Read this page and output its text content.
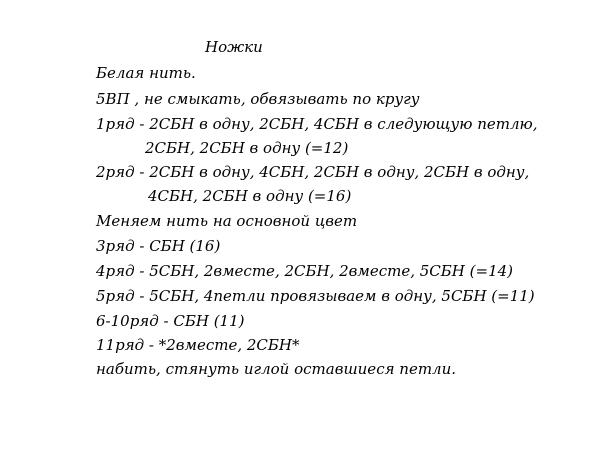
Ножки
Белая нить.
5ВП , не смыкать, обвязывать по кругу
1ряд - 2СБН в одну, 2СБН, 4СБН в следующую петлю,
2СБН, 2СБН в одну (=12)
2ряд - 2СБН в одну, 4СБН, 2СБН в одну, 2СБН в одну,
4СБН, 2СБН в одну (=16)
Меняем нить на основной цвет
3ряд - СБН (16)
4ряд - 5СБН, 2вместе, 2СБН, 2вместе, 5СБН (=14)
5ряд - 5СБН, 4петли провязываем в одну, 5СБН (=11)
6-10ряд - СБН (11)
11ряд - *2вместе, 2СБН*
набить, стянуть иглой оставшиеся петли.
